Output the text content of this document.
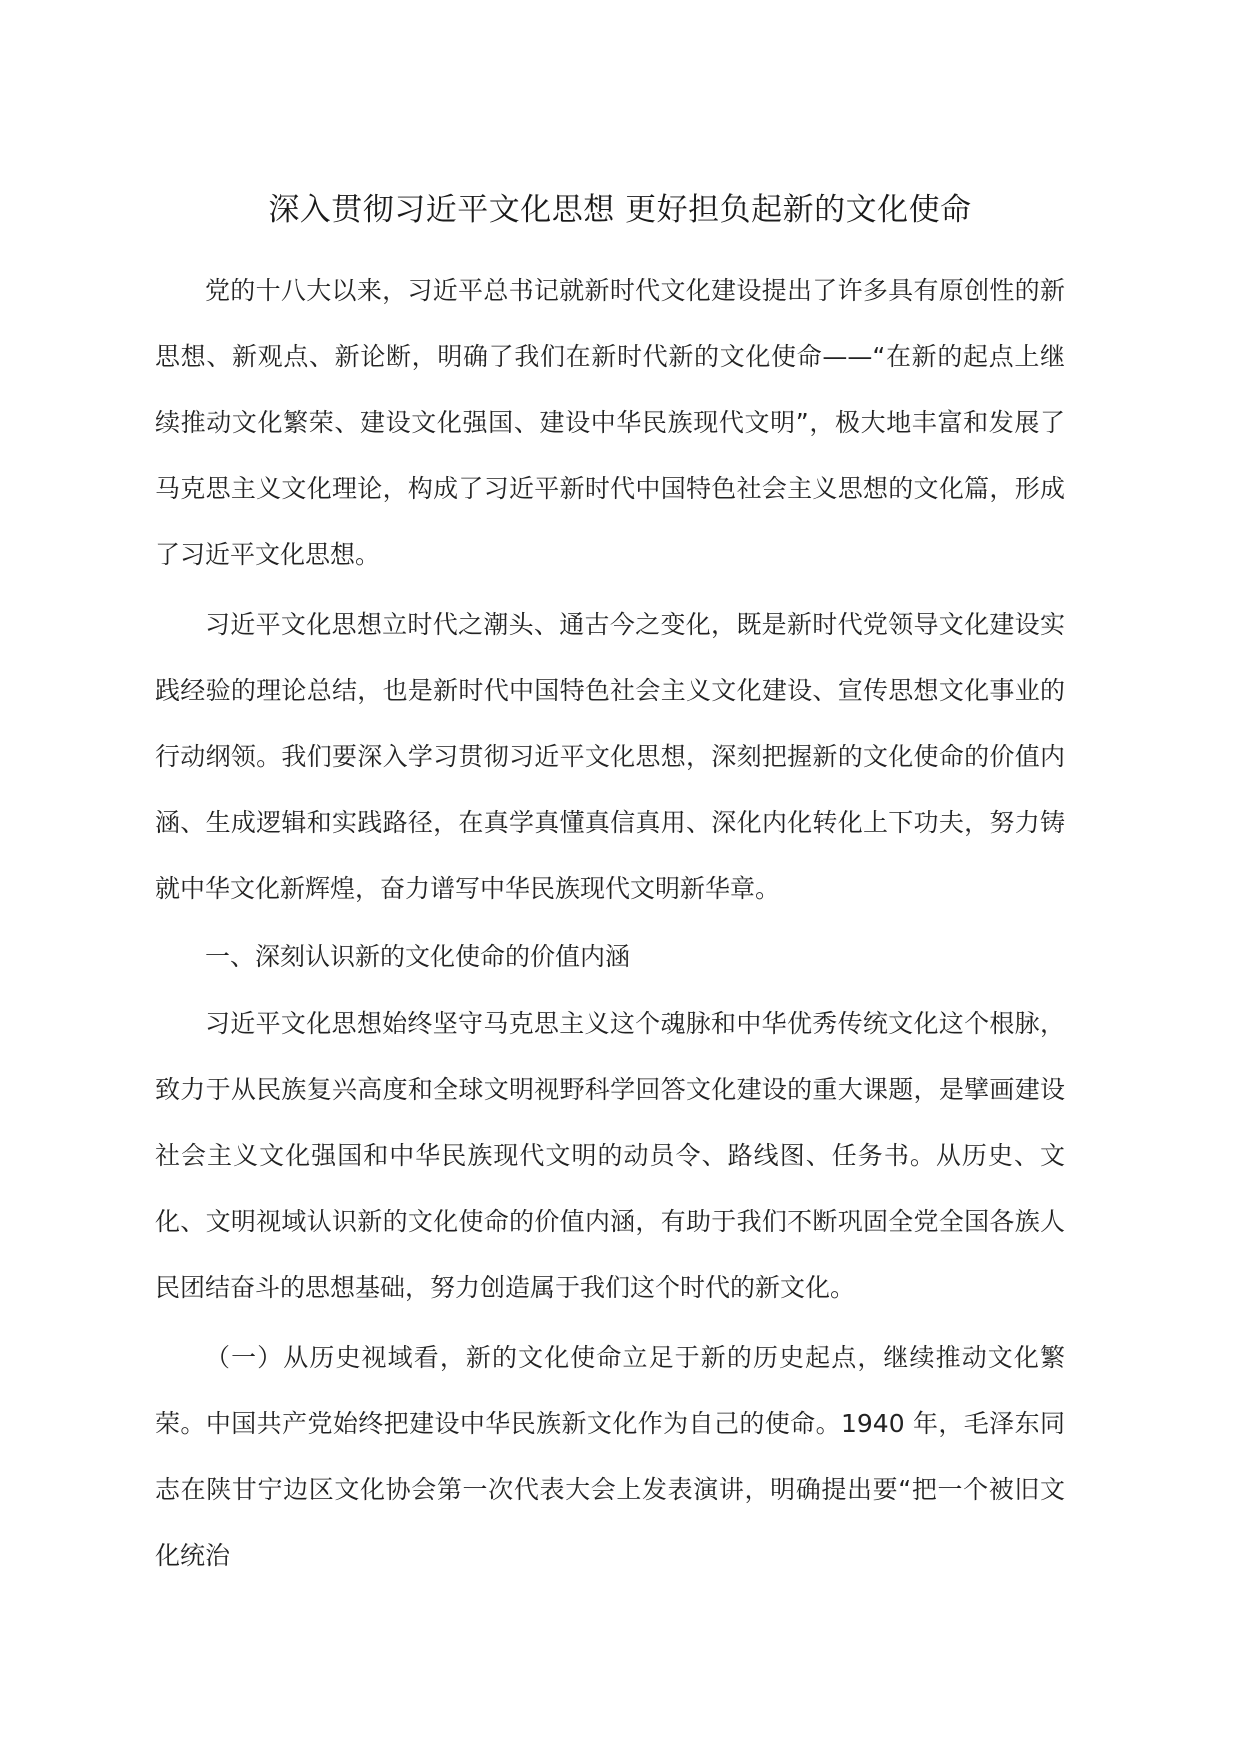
深入贯彻习近平文化思想 更好担负起新的文化使命

党的十八大以来，习近平总书记就新时代文化建设提出了许多具有原创性的新思想、新观点、新论断，明确了我们在新时代新的文化使命——“在新的起点上继续推动文化繁荣、建设文化强国、建设中华民族现代文明”，极大地丰富和发展了马克思主义文化理论，构成了习近平新时代中国特色社会主义思想的文化篇，形成了习近平文化思想。

习近平文化思想立时代之潮头、通古今之变化，既是新时代党领导文化建设实践经验的理论总结，也是新时代中国特色社会主义文化建设、宣传思想文化事业的行动纲领。我们要深入学习贯彻习近平文化思想，深刻把握新的文化使命的价值内涵、生成逻辑和实践路径，在真学真懂真信真用、深化内化转化上下功夫，努力铸就中华文化新辉煌，奋力谱写中华民族现代文明新华章。

一、深刻认识新的文化使命的价值内涵

习近平文化思想始终坚守马克思主义这个魂脉和中华优秀传统文化这个根脉，致力于从民族复兴高度和全球文明视野科学回答文化建设的重大课题，是擘画建设社会主义文化强国和中华民族现代文明的动员令、路线图、任务书。从历史、文化、文明视域认识新的文化使命的价值内涵，有助于我们不断巩固全党全国各族人民团结奋斗的思想基础，努力创造属于我们这个时代的新文化。

（一）从历史视域看，新的文化使命立足于新的历史起点，继续推动文化繁荣。中国共产党始终把建设中华民族新文化作为自己的使命。1940 年，毛泽东同志在陕甘宁边区文化协会第一次代表大会上发表演讲，明确提出要“把一个被旧文化统治
